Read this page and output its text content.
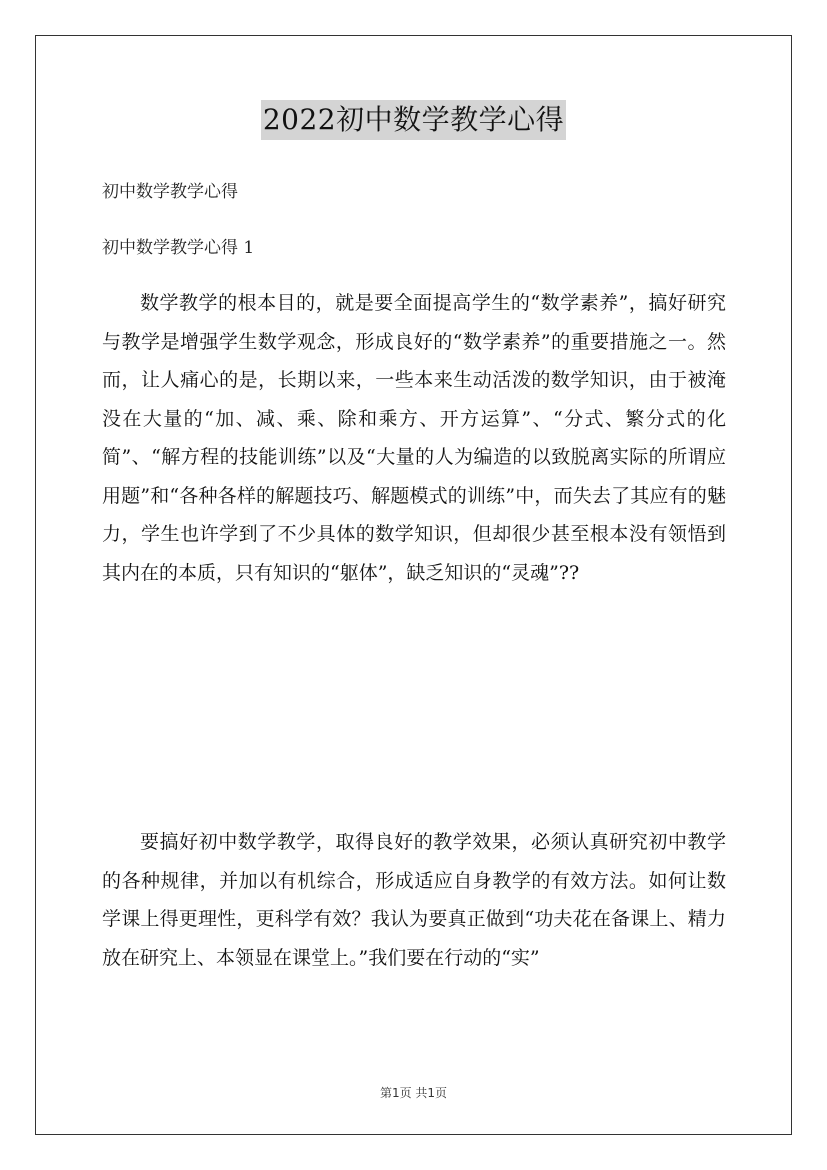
2022初中数学教学心得
初中数学教学心得
初中数学教学心得 1

数学教学的根本目的，就是要全面提高学生的“数学素养”，搞好研究与教学是增强学生数学观念，形成良好的“数学素养”的重要措施之一。然而，让人痛心的是，长期以来，一些本来生动活泼的数学知识，由于被淹没在大量的“加、减、乘、除和乘方、开方运算”、“分式、繁分式的化简”、“解方程的技能训练”以及“大量的人为编造的以致脱离实际的所谓应用题”和“各种各样的解题技巧、解题模式的训练”中，而失去了其应有的魅力，学生也许学到了不少具体的数学知识，但却很少甚至根本没有领悟到其内在的本质，只有知识的“躯体”，缺乏知识的“灵魂”??

要搞好初中数学教学，取得良好的教学效果，必须认真研究初中教学的各种规律，并加以有机综合，形成适应自身教学的有效方法。如何让数学课上得更理性，更科学有效？我认为要真正做到“功夫花在备课上、精力放在研究上、本领显在课堂上。”我们要在行动的“实”

第1页 共1页
